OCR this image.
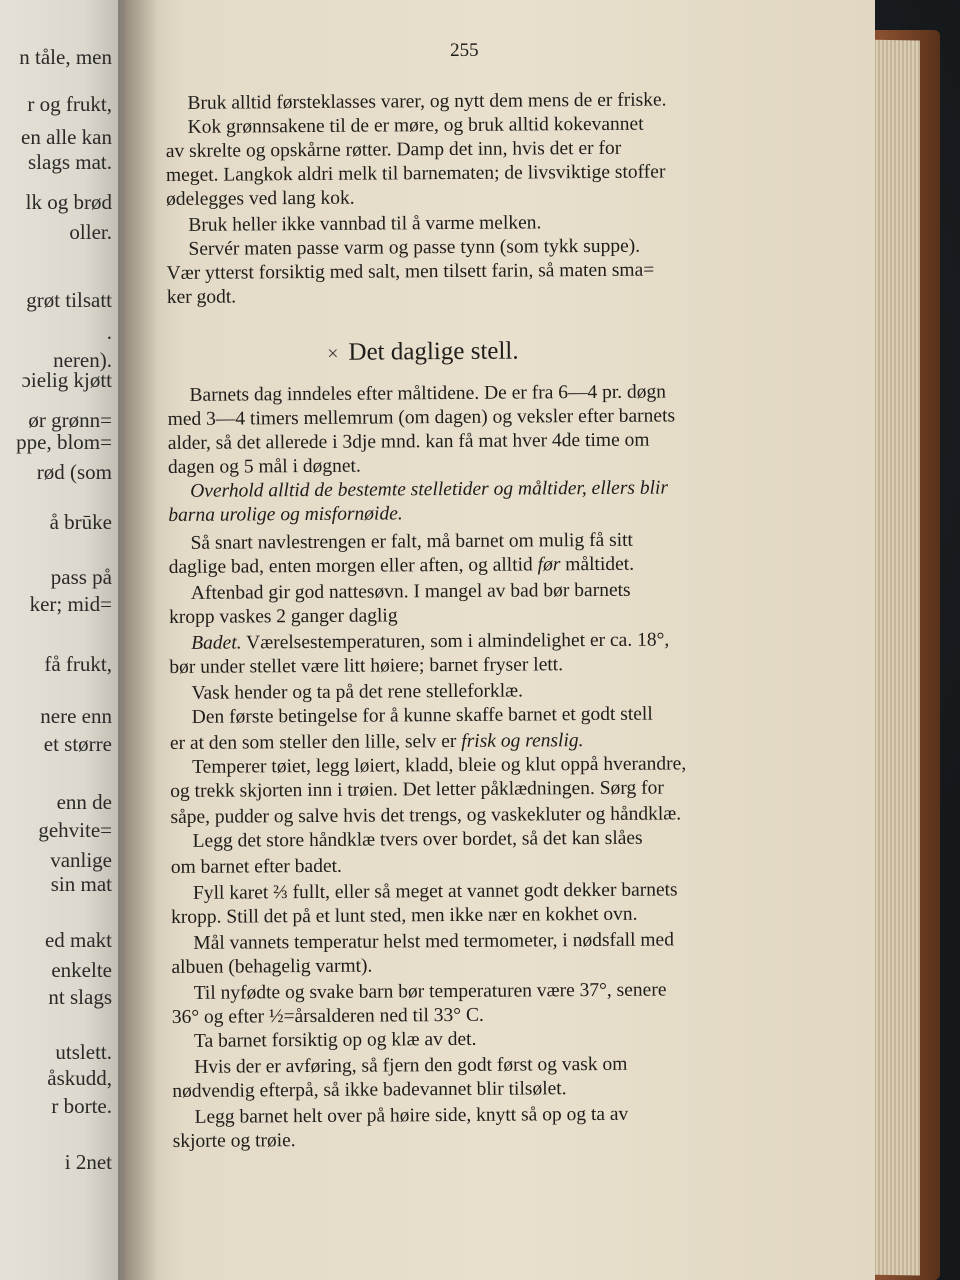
n tåle, men
r og frukt,
en alle kan
slags mat.
lk og brød
oller.
grøt tilsatt
.
neren).
ɔielig kjøtt
ør grønn=
ppe, blom=
rød (som
å brūke
pass på
ker; mid=
få frukt,
nere enn
et større
enn de
gehvite=
vanlige
sin mat
ed makt
enkelte
nt slags
utslett.
åskudd,
r borte.
i 2net
255
× Det daglige stell.
Bruk alltid førsteklasses varer, og nytt dem mens de er friske.
Kok grønnsakene til de er møre, og bruk alltid kokevannet
av skrelte og opskårne røtter. Damp det inn, hvis det er for
meget. Langkok aldri melk til barnematen; de livsviktige stoffer
ødelegges ved lang kok.
Bruk heller ikke vannbad til å varme melken.
Servér maten passe varm og passe tynn (som tykk suppe).
Vær ytterst forsiktig med salt, men tilsett farin, så maten sma=
ker godt.
Barnets dag inndeles efter måltidene. De er fra 6—4 pr. døgn
med 3—4 timers mellemrum (om dagen) og veksler efter barnets
alder, så det allerede i 3dje mnd. kan få mat hver 4de time om
dagen og 5 mål i døgnet.
Overhold alltid de bestemte stelletider og måltider, ellers blir
barna urolige og misfornøide.
Så snart navlestrengen er falt, må barnet om mulig få sitt
daglige bad, enten morgen eller aften, og alltid før måltidet.
Aftenbad gir god nattesøvn. I mangel av bad bør barnets
kropp vaskes 2 ganger daglig
Badet. Værelsestemperaturen, som i almindelighet er ca. 18°,
bør under stellet være litt høiere; barnet fryser lett.
Vask hender og ta på det rene stelleforklæ.
Den første betingelse for å kunne skaffe barnet et godt stell
er at den som steller den lille, selv er frisk og renslig.
Temperer tøiet, legg løiert, kladd, bleie og klut oppå hverandre,
og trekk skjorten inn i trøien. Det letter påklædningen. Sørg for
såpe, pudder og salve hvis det trengs, og vaskekluter og håndklæ.
Legg det store håndklæ tvers over bordet, så det kan slåes
om barnet efter badet.
Fyll karet ⅔ fullt, eller så meget at vannet godt dekker barnets
kropp. Still det på et lunt sted, men ikke nær en kokhet ovn.
Mål vannets temperatur helst med termometer, i nødsfall med
albuen (behagelig varmt).
Til nyfødte og svake barn bør temperaturen være 37°, senere
36° og efter ½=årsalderen ned til 33° C.
Ta barnet forsiktig op og klæ av det.
Hvis der er avføring, så fjern den godt først og vask om
nødvendig efterpå, så ikke badevannet blir tilsølet.
Legg barnet helt over på høire side, knytt så op og ta av
skjorte og trøie.
